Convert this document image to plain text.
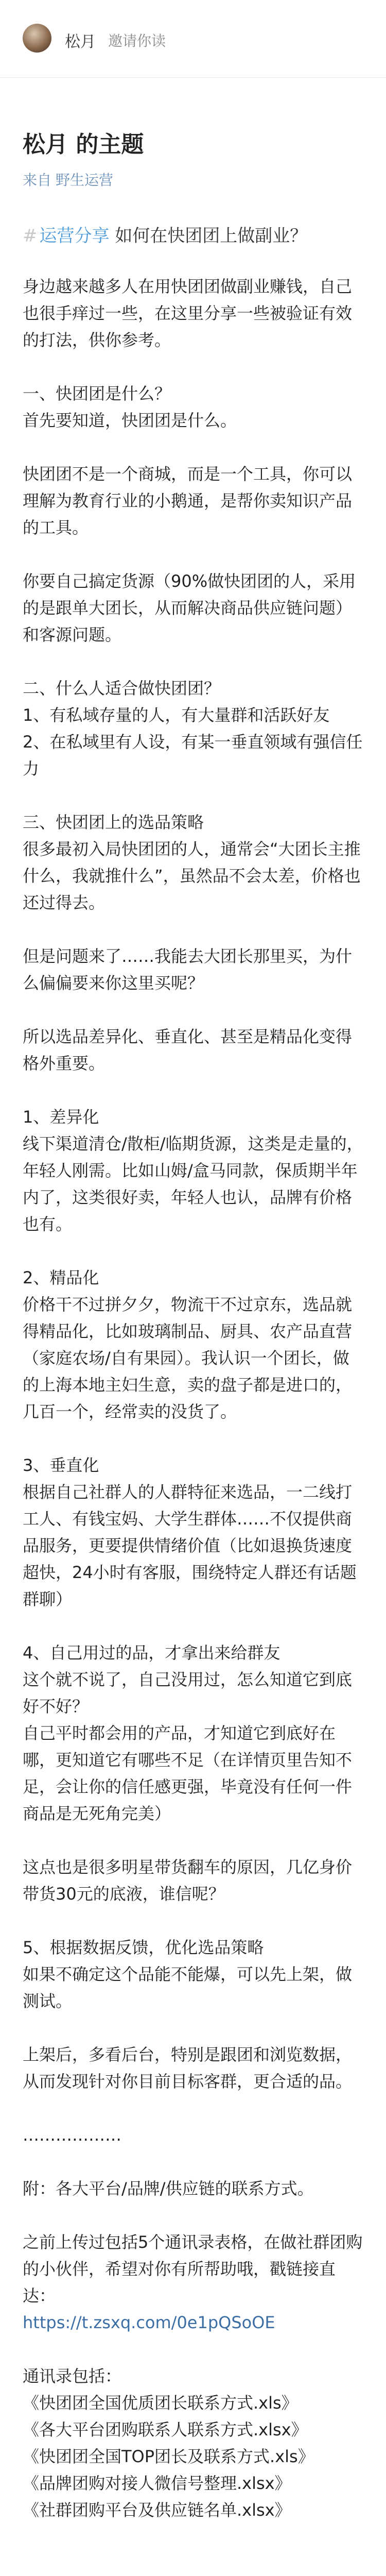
松月 邀请你读
松月 的主题
来自 野生运营
# 运营分享 如何在快团团上做副业？

身边越来越多人在用快团团做副业赚钱，自己也很手痒过一些，在这里分享一些被验证有效的打法，供你参考。

一、快团团是什么？
首先要知道，快团团是什么。

快团团不是一个商城，而是一个工具，你可以理解为教育行业的小鹅通，是帮你卖知识产品的工具。

你要自己搞定货源（90%做快团团的人，采用的是跟单大团长，从而解决商品供应链问题）和客源问题。

二、什么人适合做快团团？
1、有私域存量的人，有大量群和活跃好友
2、在私域里有人设，有某一垂直领域有强信任力

三、快团团上的选品策略
很多最初入局快团团的人，通常会“大团长主推什么，我就推什么”，虽然品不会太差，价格也还过得去。

但是问题来了……我能去大团长那里买，为什么偏偏要来你这里买呢？

所以选品差异化、垂直化、甚至是精品化变得格外重要。

1、差异化
线下渠道清仓/散柜/临期货源，这类是走量的，年轻人刚需。比如山姆/盒马同款，保质期半年内了，这类很好卖，年轻人也认，品牌有价格也有。

2、精品化
价格干不过拼夕夕，物流干不过京东，选品就得精品化，比如玻璃制品、厨具、农产品直营（家庭农场/自有果园）。我认识一个团长，做的上海本地主妇生意，卖的盘子都是进口的，几百一个，经常卖的没货了。

3、垂直化
根据自己社群人的人群特征来选品，一二线打工人、有钱宝妈、大学生群体……不仅提供商品服务，更要提供情绪价值（比如退换货速度超快，24小时有客服，围绕特定人群还有话题群聊）

4、自己用过的品，才拿出来给群友
这个就不说了，自己没用过，怎么知道它到底好不好？
自己平时都会用的产品，才知道它到底好在哪，更知道它有哪些不足（在详情页里告知不足，会让你的信任感更强，毕竟没有任何一件商品是无死角完美）

这点也是很多明星带货翻车的原因，几亿身价带货30元的底液，谁信呢？

5、根据数据反馈，优化选品策略
如果不确定这个品能不能爆，可以先上架，做测试。

上架后，多看后台，特别是跟团和浏览数据，从而发现针对你目前目标客群，更合适的品。

………………

附：各大平台/品牌/供应链的联系方式。

之前上传过包括5个通讯录表格，在做社群团购的小伙伴，希望对你有所帮助哦，戳链接直达：

https://t.zsxq.com/0e1pQSoOE

通讯录包括：

《快团团全国优质团长联系方式.xls》

《各大平台团购联系人联系方式.xlsx》

《快团团全国TOP团长及联系方式.xls》

《品牌团购对接人微信号整理.xlsx》

《社群团购平台及供应链名单.xlsx》
